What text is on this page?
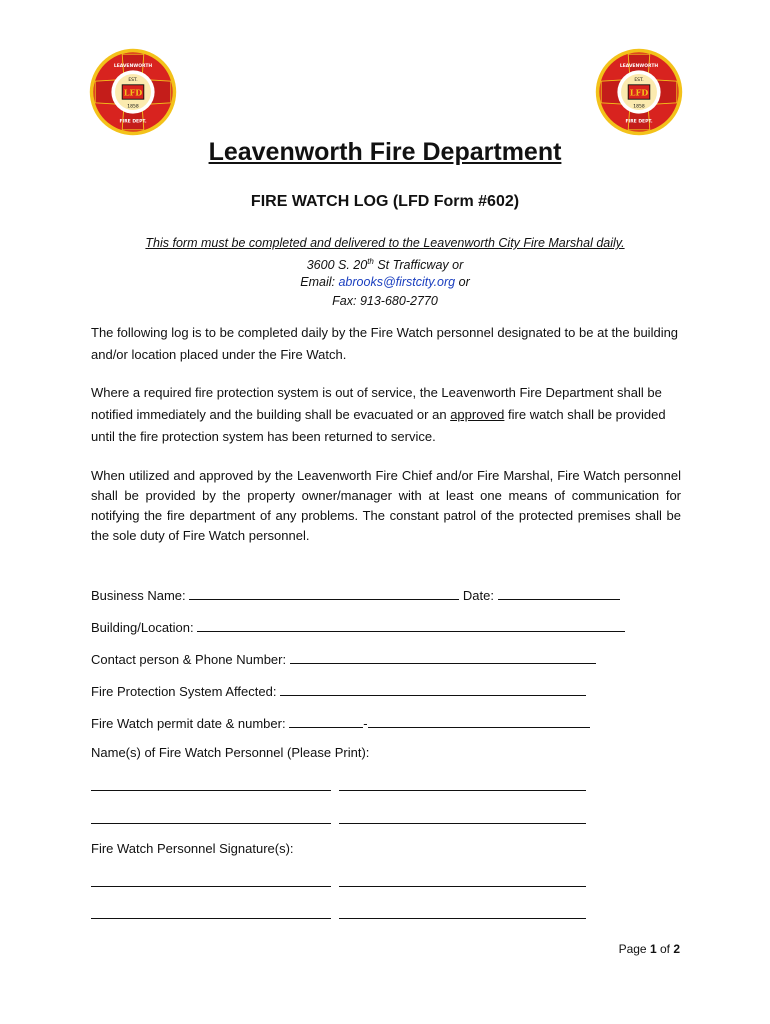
LFD
EST.
1858
LEAVENWORTH
FIRE DEPT.
LFD
EST.
1858
LEAVENWORTH
FIRE DEPT.
Leavenworth Fire Department
FIRE WATCH LOG (LFD Form #602)
This form must be completed and delivered to the Leavenworth City Fire Marshal daily.
3600 S. 20th St Trafficway or
Email: abrooks@firstcity.org or
Fax: 913-680-2770
The following log is to be completed daily by the Fire Watch personnel designated to be at the building and/or location placed under the Fire Watch.
Where a required fire protection system is out of service, the Leavenworth Fire Department shall be notified immediately and the building shall be evacuated or an approved fire watch shall be provided until the fire protection system has been returned to service.
When utilized and approved by the Leavenworth Fire Chief and/or Fire Marshal, Fire Watch personnel shall be provided by the property owner/manager with at least one means of communication for notifying the fire department of any problems. The constant patrol of the protected premises shall be the sole duty of Fire Watch personnel.
Business Name:	Date:
Building/Location:
Contact person & Phone Number:
Fire Protection System Affected:
Fire Watch permit date & number:	-
Name(s) of Fire Watch Personnel (Please Print):
Fire Watch Personnel Signature(s):
Page 1 of 2
